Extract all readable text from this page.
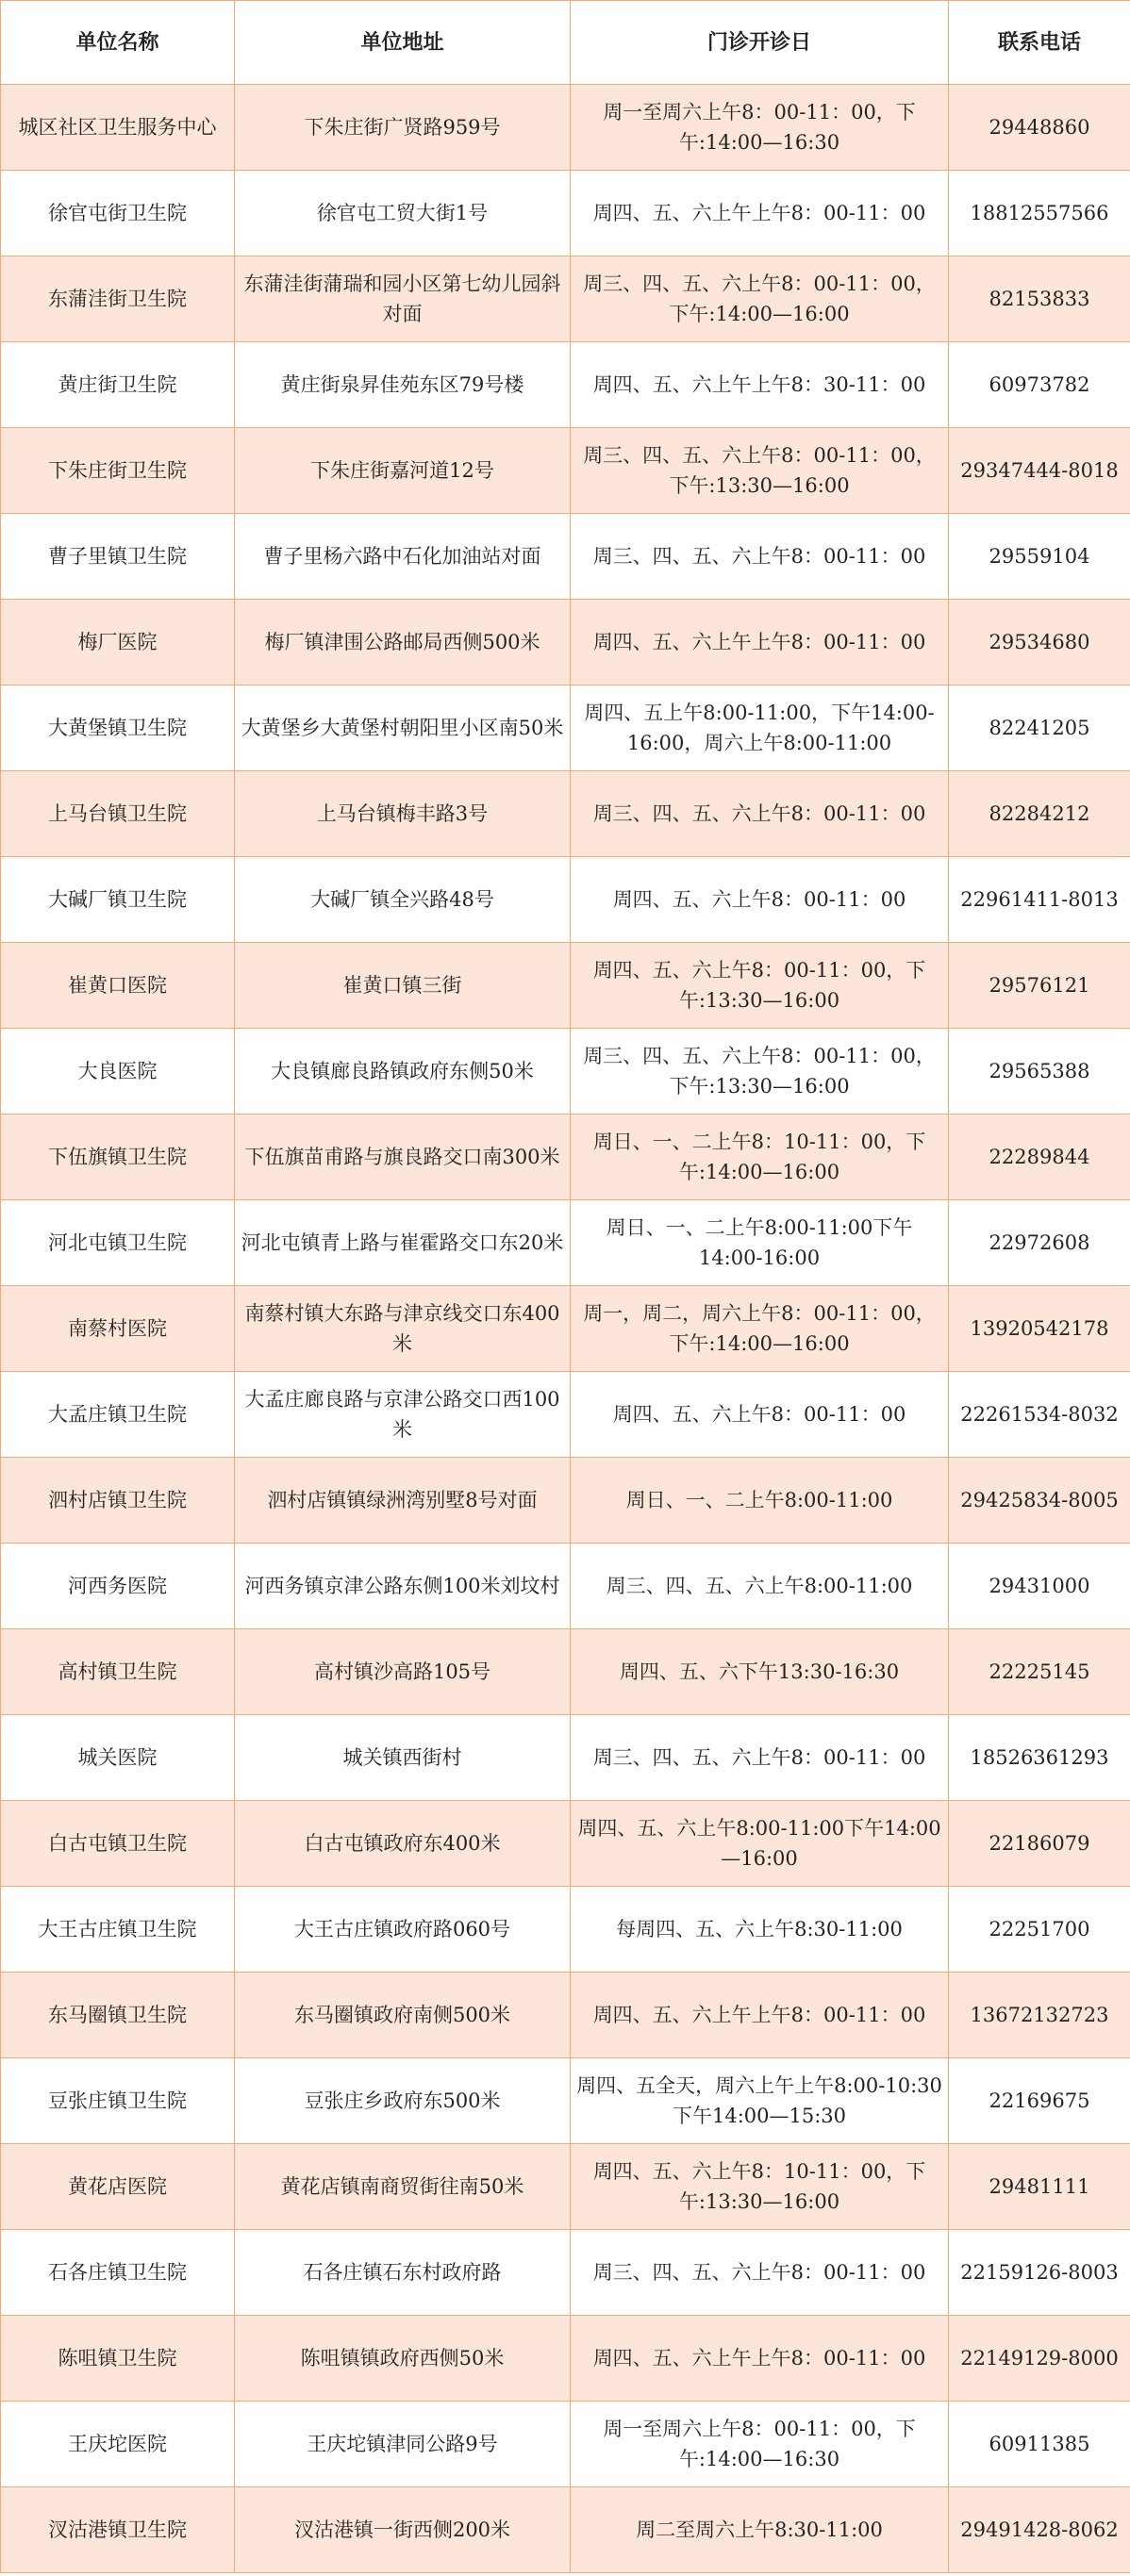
单位名称	单位地址	门诊开诊日	联系电话
城区社区卫生服务中心	下朱庄街广贤路959号	周一至周六上午8：00-11：00，下午:14:00—16:30	29448860
徐官屯街卫生院	徐官屯工贸大街1号	周四、五、六上午上午8：00-11：00	18812557566
东蒲洼街卫生院	东蒲洼街蒲瑞和园小区第七幼儿园斜对面	周三、四、五、六上午8：00-11：00，下午:14:00—16:00	82153833
黄庄街卫生院	黄庄街泉昇佳苑东区79号楼	周四、五、六上午上午8：30-11：00	60973782
下朱庄街卫生院	下朱庄街嘉河道12号	周三、四、五、六上午8：00-11：00，下午:13:30—16:00	29347444-8018
曹子里镇卫生院	曹子里杨六路中石化加油站对面	周三、四、五、六上午8：00-11：00	29559104
梅厂医院	梅厂镇津围公路邮局西侧500米	周四、五、六上午上午8：00-11：00	29534680
大黄堡镇卫生院	大黄堡乡大黄堡村朝阳里小区南50米	周四、五上午8:00-11:00，下午14:00-16:00，周六上午8:00-11:00	82241205
上马台镇卫生院	上马台镇梅丰路3号	周三、四、五、六上午8：00-11：00	82284212
大碱厂镇卫生院	大碱厂镇全兴路48号	周四、五、六上午8：00-11：00	22961411-8013
崔黄口医院	崔黄口镇三街	周四、五、六上午8：00-11：00，下午:13:30—16:00	29576121
大良医院	大良镇廊良路镇政府东侧50米	周三、四、五、六上午8：00-11：00，下午:13:30—16:00	29565388
下伍旗镇卫生院	下伍旗苗甫路与旗良路交口南300米	周日、一、二上午8：10-11：00，下午:14:00—16:00	22289844
河北屯镇卫生院	河北屯镇青上路与崔霍路交口东20米	周日、一、二上午8:00-11:00下午14:00-16:00	22972608
南蔡村医院	南蔡村镇大东路与津京线交口东400米	周一，周二，周六上午8：00-11：00，下午:14:00—16:00	13920542178
大孟庄镇卫生院	大孟庄廊良路与京津公路交口西100米	周四、五、六上午8：00-11：00	22261534-8032
泗村店镇卫生院	泗村店镇镇绿洲湾别墅8号对面	周日、一、二上午8:00-11:00	29425834-8005
河西务医院	河西务镇京津公路东侧100米刘坟村	周三、四、五、六上午8:00-11:00	29431000
高村镇卫生院	高村镇沙高路105号	周四、五、六下午13:30-16:30	22225145
城关医院	城关镇西街村	周三、四、五、六上午8：00-11：00	18526361293
白古屯镇卫生院	白古屯镇政府东400米	周四、五、六上午8:00-11:00下午14:00—16:00	22186079
大王古庄镇卫生院	大王古庄镇政府路060号	每周四、五、六上午8:30-11:00	22251700
东马圈镇卫生院	东马圈镇政府南侧500米	周四、五、六上午上午8：00-11：00	13672132723
豆张庄镇卫生院	豆张庄乡政府东500米	周四、五全天，周六上午上午8:00-10:30下午14:00—15:30	22169675
黄花店医院	黄花店镇南商贸街往南50米	周四、五、六上午8：10-11：00，下午:13:30—16:00	29481111
石各庄镇卫生院	石各庄镇石东村政府路	周三、四、五、六上午8：00-11：00	22159126-8003
陈咀镇卫生院	陈咀镇镇政府西侧50米	周四、五、六上午上午8：00-11：00	22149129-8000
王庆坨医院	王庆坨镇津同公路9号	周一至周六上午8：00-11：00，下午:14:00—16:30	60911385
汊沽港镇卫生院	汊沽港镇一街西侧200米	周二至周六上午8:30-11:00	29491428-8062
